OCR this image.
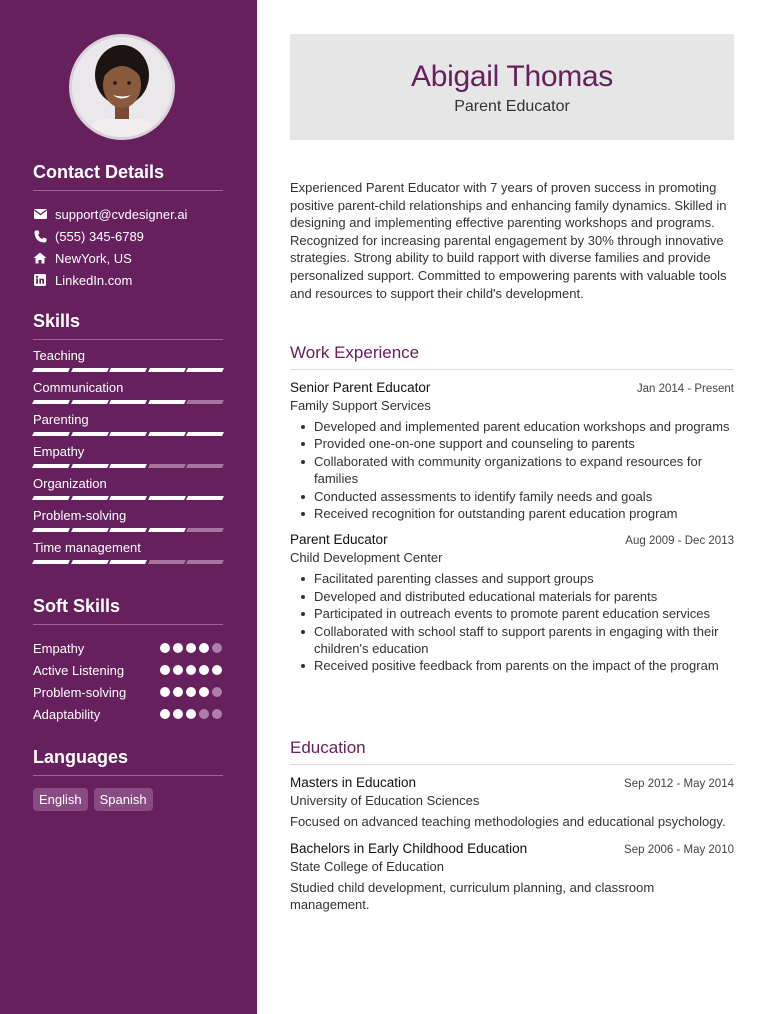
Contact Details
support@cvdesigner.ai
(555) 345-6789
NewYork, US
LinkedIn.com
Skills
Teaching
Communication
Parenting
Empathy
Organization
Problem-solving
Time management
Soft Skills
Empathy
Active Listening
Problem-solving
Adaptability
Languages
English	Spanish
Abigail Thomas
Parent Educator
Experienced Parent Educator with 7 years of proven success in promoting positive parent-child relationships and enhancing family dynamics. Skilled in designing and implementing effective parenting workshops and programs. Recognized for increasing parental engagement by 30% through innovative strategies. Strong ability to build rapport with diverse families and provide personalized support. Committed to empowering parents with valuable tools and resources to support their child's development.
Work Experience
Senior Parent Educator	Jan 2014 - Present
Family Support Services
Developed and implemented parent education workshops and programs
Provided one-on-one support and counseling to parents
Collaborated with community organizations to expand resources for families
Conducted assessments to identify family needs and goals
Received recognition for outstanding parent education program
Parent Educator	Aug 2009 - Dec 2013
Child Development Center
Facilitated parenting classes and support groups
Developed and distributed educational materials for parents
Participated in outreach events to promote parent education services
Collaborated with school staff to support parents in engaging with their children's education
Received positive feedback from parents on the impact of the program
Education
Masters in Education	Sep 2012 - May 2014
University of Education Sciences
Focused on advanced teaching methodologies and educational psychology.
Bachelors in Early Childhood Education	Sep 2006 - May 2010
State College of Education
Studied child development, curriculum planning, and classroom management.
